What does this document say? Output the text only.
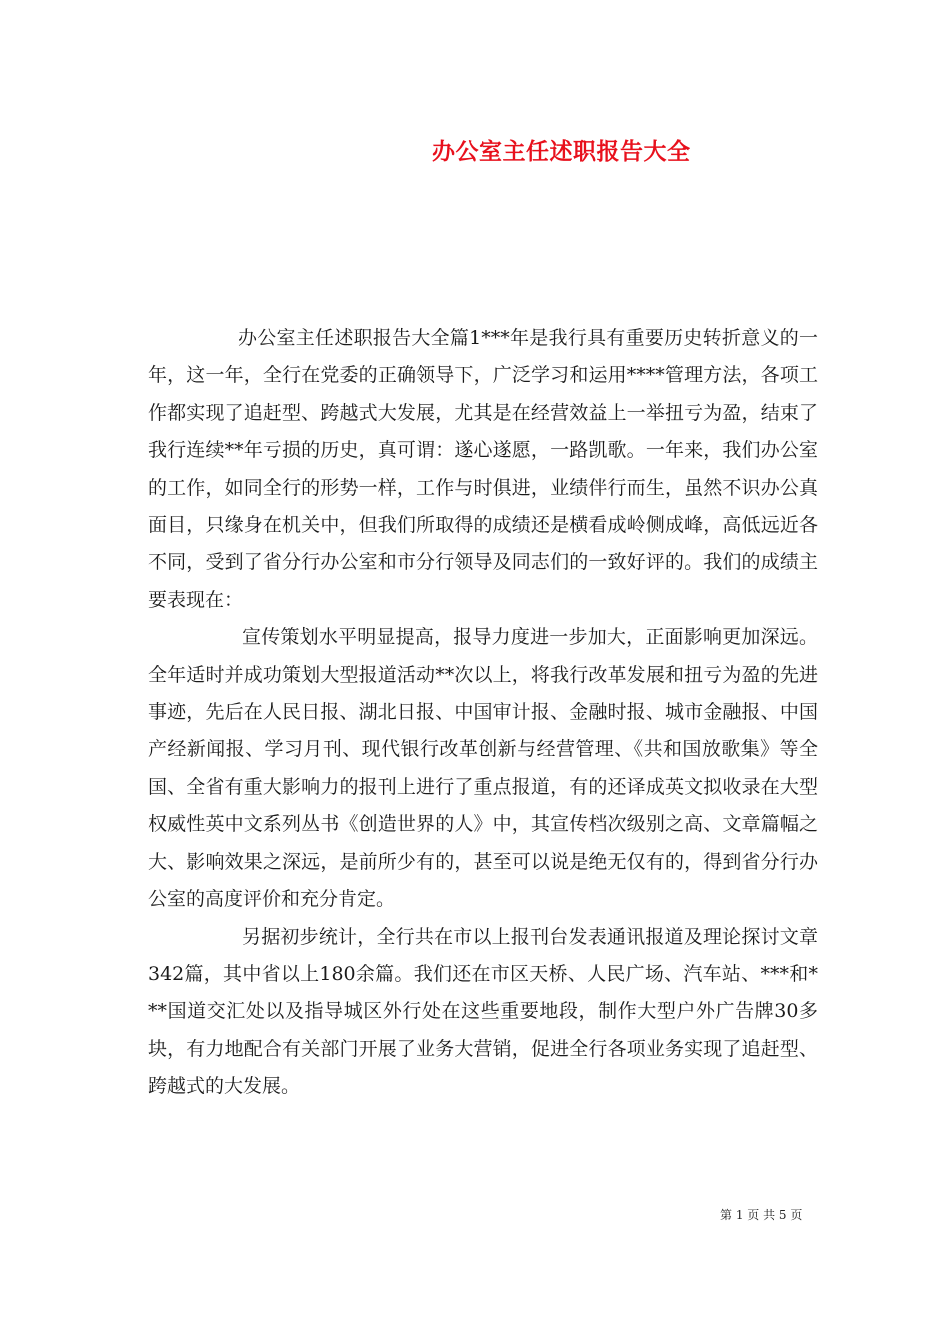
办公室主任述职报告大全

办公室主任述职报告大全篇1***年是我行具有重要历史转折意义的一年，这一年，全行在党委的正确领导下，广泛学习和运用****管理方法，各项工作都实现了追赶型、跨越式大发展，尤其是在经营效益上一举扭亏为盈，结束了我行连续**年亏损的历史，真可谓：遂心遂愿，一路凯歌。一年来，我们办公室的工作，如同全行的形势一样，工作与时俱进，业绩伴行而生，虽然不识办公真面目，只缘身在机关中，但我们所取得的成绩还是横看成岭侧成峰，高低远近各不同，受到了省分行办公室和市分行领导及同志们的一致好评的。我们的成绩主要表现在：

宣传策划水平明显提高，报导力度进一步加大，正面影响更加深远。全年适时并成功策划大型报道活动**次以上，将我行改革发展和扭亏为盈的先进事迹，先后在人民日报、湖北日报、中国审计报、金融时报、城市金融报、中国产经新闻报、学习月刊、现代银行改革创新与经营管理、《共和国放歌集》等全国、全省有重大影响力的报刊上进行了重点报道，有的还译成英文拟收录在大型权威性英中文系列丛书《创造世界的人》中，其宣传档次级别之高、文章篇幅之大、影响效果之深远，是前所少有的，甚至可以说是绝无仅有的，得到省分行办公室的高度评价和充分肯定。

另据初步统计，全行共在市以上报刊台发表通讯报道及理论探讨文章342篇，其中省以上180余篇。我们还在市区天桥、人民广场、汽车站、***和***国道交汇处以及指导城区外行处在这些重要地段，制作大型户外广告牌30多块，有力地配合有关部门开展了业务大营销，促进全行各项业务实现了追赶型、跨越式的大发展。

第 1 页 共 5 页
